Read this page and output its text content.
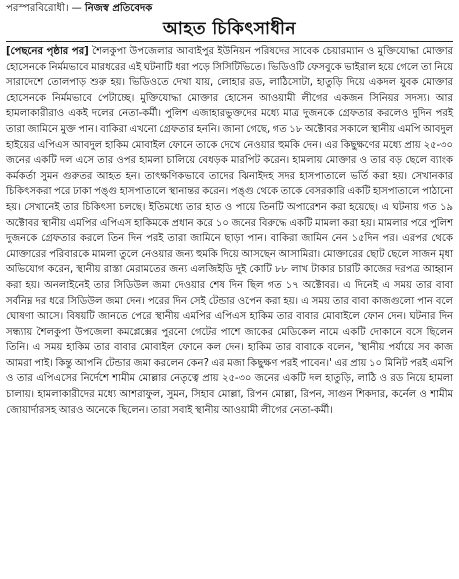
পরস্পরবিরোধী। — নিজস্ব প্রতিবেদক
আহত চিকিৎসাধীন

[পেছনের পৃষ্ঠার পর] শৈলকুপা উপজেলার আবাইপুর ইউনিয়ন পরিষদের সাবেক চেয়ারম্যান ও মুক্তিযোদ্ধা মোক্তার হোসেনকে নির্মমভাবে মারধরের এই ঘটনাটি ধরা পড়ে সিসিটিভিতে। ভিডিওটি ফেসবুকে ভাইরাল হয়ে গেলে তা নিয়ে সারাদেশে তোলপাড় শুরু হয়। ভিডিওতে দেখা যায়, লোহার রড, লাঠিসোটা, হাতুড়ি দিয়ে একদল যুবক মোক্তার হোসেনকে নির্মমভাবে পেটাচ্ছে। মুক্তিযোদ্ধা মোক্তার হোসেন আওয়ামী লীগের একজন সিনিয়র সদস্য। আর হামলাকারীরাও একই দলের নেতা-কর্মী। পুলিশ এজাহারভুক্তদের মধ্যে মাত্র দুজনকে গ্রেফতার করলেও দুদিন পরই তারা জামিনে মুক্ত পান। বাকিরা এখনো গ্রেফতার হননি। জানা গেছে, গত ১৮ অক্টোবর সকালে স্থানীয় এমপি আবদুল হাইয়ের এপিএস আবদুল হাকিম মোবাইল ফোনে তাকে দেখে নেওয়ার হুমকি দেন। এর কিছুক্ষণের মধ্যে প্রায় ২৫-৩০ জনের একটি দল এসে তার ওপর হামলা চালিয়ে বেধড়ক মারপিট করেন। হামলায় মোক্তার ও তার বড় ছেলে ব্যাংক কর্মকর্তা সুমন গুরুতর আহত হন। তাৎক্ষণিকভাবে তাদের ঝিনাইদহ সদর হাসপাতালে ভর্তি করা হয়। সেখানকার চিকিৎসকরা পরে ঢাকা পঙ্গু হাসপাতালে স্থানান্তর করেন। পঙ্গু থেকে তাকে বেসরকারি একটি হাসপাতালে পাঠানো হয়। সেখানেই তার চিকিৎসা চলছে। ইতিমধ্যে তার হাত ও পায়ে তিনটি অপারেশন করা হয়েছে। এ ঘটনায় গত ১৯ অক্টোবর স্থানীয় এমপির এপিএস হাকিমকে প্রধান করে ১০ জনের বিরুদ্ধে একটি মামলা করা হয়। মামলার পরে পুলিশ দুজনকে গ্রেফতার করলে তিন দিন পরই তারা জামিনে ছাড়া পান। বাকিরা জামিন নেন ১৫দিন পর। এরপর থেকে মোক্তারের পরিবারকে মামলা তুলে নেওয়ার জন্য হুমকি দিয়ে আসছেন আসামিরা। মোক্তারের ছোট ছেলে সাজন মৃধা অভিযোগ করেন, স্থানীয় রাস্তা মেরামতের জন্য এলজিইডি দুই কোটি ৮৮ লাখ টাকার চারটি কাজের দরপত্র আহ্বান করা হয়। অনলাইনেই তার সিডিউল জমা দেওয়ার শেষ দিন ছিল গত ১৭ অক্টোবর। এ দিনেই এ সময় তার বাবা সর্বনিম্ন দর ধরে সিডিউল জমা দেন। পরের দিন সেই টেন্ডার ওপেন করা হয়। এ সময় তার বাবা কাজগুলো পান বলে ঘোষণা আসে। বিষয়টি জানতে পেরে স্থানীয় এমপির এপিএস হাকিম তার বাবার মোবাইলে ফোন দেন। ঘটনার দিন সন্ধ্যায় শৈলকুপা উপজেলা কমপ্লেক্সের পুরনো গেটের পাশে জাকের মেডিকেল নামে একটি দোকানে বসে ছিলেন তিনি। এ সময় হাকিম তার বাবার মোবাইল ফোনে কল দেন। হাকিম তার বাবাকে বলেন, 'স্থানীয় পর্যায়ে সব কাজ আমরা পাই। কিন্তু আপনি টেন্ডার জমা করলেন কেন? এর মজা কিছুক্ষণ পরই পাবেন।' এর প্রায় ১০ মিনিট পরই এমপি ও তার এপিএসের নির্দেশে শামীম মোল্লার নেতৃত্বে প্রায় ২৫-৩০ জনের একটি দল হাতুড়ি, লাঠি ও রড নিয়ে হামলা চালায়। হামলাকারীদের মধ্যে আশরাফুল, সুমন, সিহাব মোল্লা, রিপন মোল্লা, রিপন, সাগুন শিকদার, কর্নেল ও শামীম জোয়ার্দারসহ আরও অনেকে ছিলেন। তারা সবাই স্থানীয় আওয়ামী লীগের নেতা-কর্মী।
